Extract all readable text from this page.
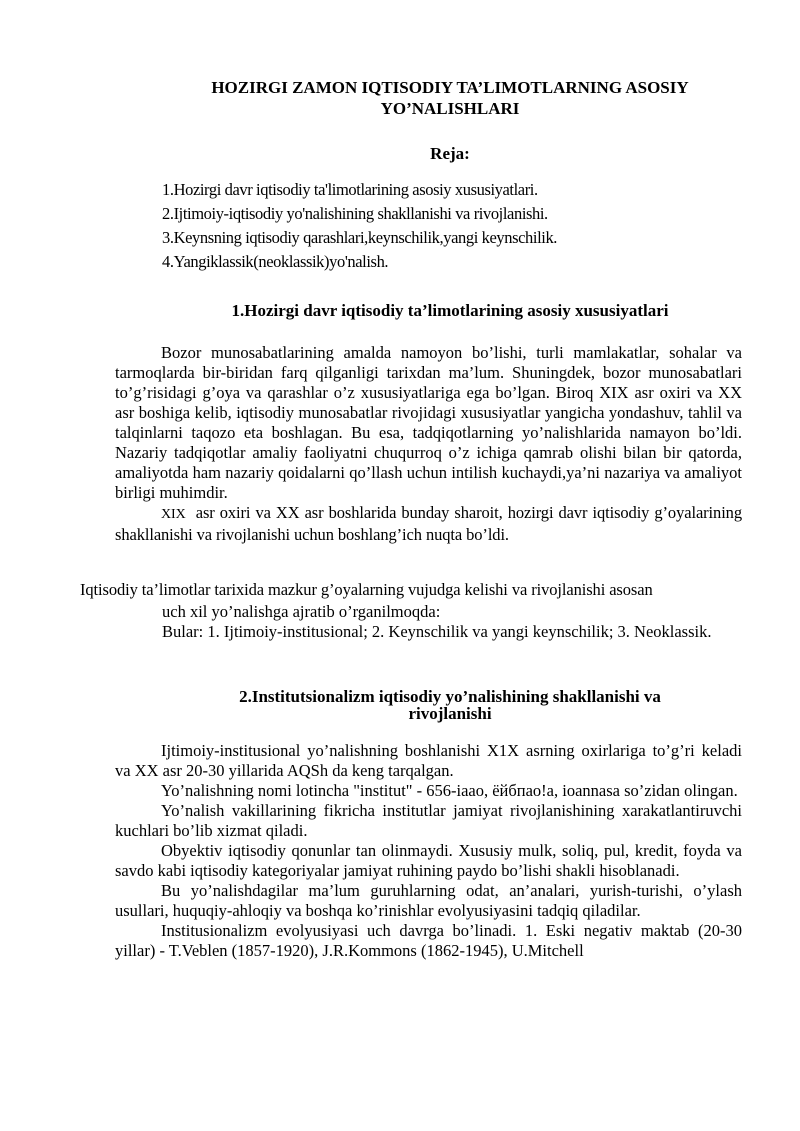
HOZIRGI ZAMON IQTISODIY TA’LIMOTLARNING ASOSIY
YO’NALISHLARI
Reja:
1.Hozirgi davr iqtisodiy ta'limotlarining asosiy xususiyatlari.
2.Ijtimoiy-iqtisodiy yo'nalishining shakllanishi va rivojlanishi.
3.Keynsning iqtisodiy qarashlari,keynschilik,yangi keynschilik.
4.Yangiklassik(neoklassik)yo'nalish.
1.Hozirgi davr iqtisodiy ta’limotlarining asosiy xususiyatlari

Bozor munosabatlarining amalda namoyon bo’lishi, turli mamlakatlar, sohalar va tarmoqlarda bir-biridan farq qilganligi tarixdan ma’lum. Shuningdek, bozor munosabatlari to’g’risidagi g’oya va qarashlar o’z xususiyatlariga ega bo’lgan. Biroq XIX asr oxiri va XX asr boshiga kelib, iqtisodiy munosabatlar rivojidagi xususiyatlar yangicha yondashuv, tahlil va talqinlarni taqozo eta boshlagan. Bu esa, tadqiqotlarning yo’nalishlarida namayon bo’ldi. Nazariy tadqiqotlar amaliy faoliyatni chuqurroq o’z ichiga qamrab olishi bilan bir qatorda, amaliyotda ham nazariy qoidalarni qo’llash uchun intilish kuchaydi,ya’ni nazariya va amaliyot birligi muhimdir.

XIX asr oxiri va XX asr boshlarida bunday sharoit, hozirgi davr iqtisodiy g’oyalarining shakllanishi va rivojlanishi uchun boshlang’ich nuqta bo’ldi.

Iqtisodiy ta’limotlar tarixida mazkur g’oyalarning vujudga kelishi va rivojlanishi asosan

uch xil yo’nalishga ajratib o’rganilmoqda:

Bular: 1. Ijtimoiy-institusional; 2. Keynschilik va yangi keynschilik; 3. Neoklassik.

2.Institutsionalizm iqtisodiy yo’nalishining shakllanishi va
rivojlanishi

Ijtimoiy-institusional yo’nalishning boshlanishi X1X asrning oxirlariga to’g’ri keladi va XX asr 20-30 yillarida AQSh da keng tarqalgan.

Yo’nalishning nomi lotincha "institut" - 656-iaao, ёйбпао!а, ioannasa so’zidan olingan.

Yo’nalish vakillarining fikricha institutlar jamiyat rivojlanishining xarakatlantiruvchi kuchlari bo’lib xizmat qiladi.

Obyektiv iqtisodiy qonunlar tan olinmaydi. Xususiy mulk, soliq, pul, kredit, foyda va savdo kabi iqtisodiy kategoriyalar jamiyat ruhining paydo bo’lishi shakli hisoblanadi.

Bu yo’nalishdagilar ma’lum guruhlarning odat, an’analari, yurish-turishi, o’ylash usullari, huquqiy-ahloqiy va boshqa ko’rinishlar evolyusiyasini tadqiq qiladilar.

Institusionalizm evolyusiyasi uch davrga bo’linadi. 1. Eski negativ maktab (20-30 yillar) - T.Veblen (1857-1920), J.R.Kommons (1862-1945), U.Mitchell
